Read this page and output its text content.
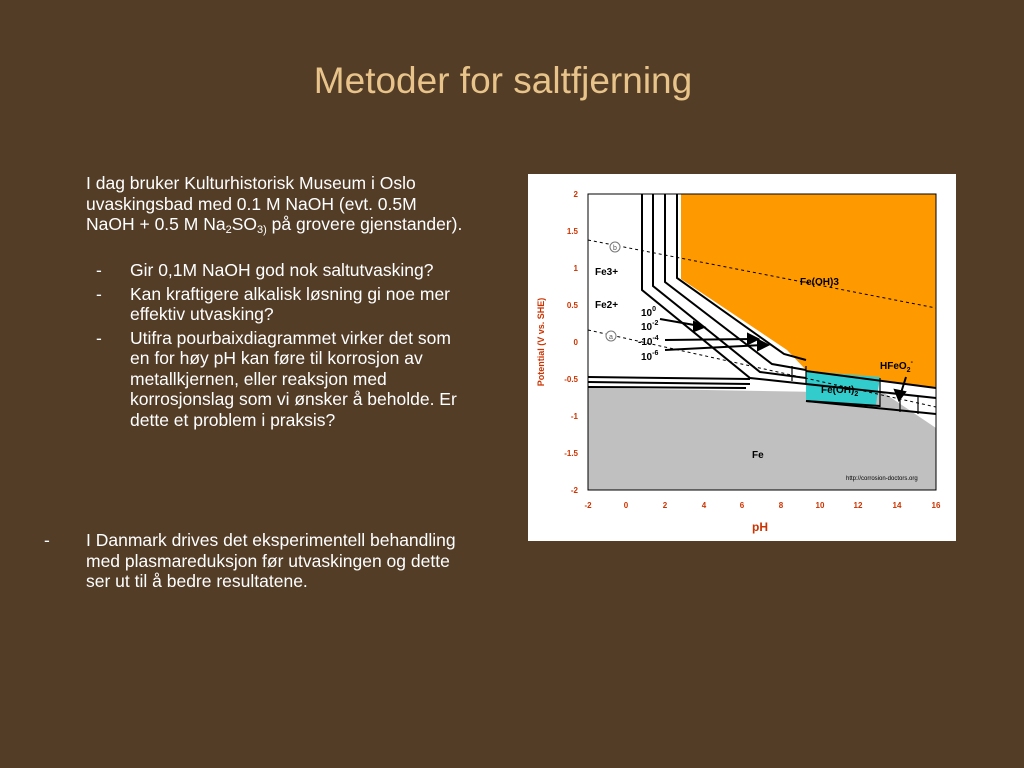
Metoder for saltfjerning
I dag bruker Kulturhistorisk Museum i Oslo uvaskingsbad med 0.1 M NaOH (evt. 0.5M NaOH + 0.5 M $Na_2SO_{3)}$ på grovere gjenstander).
- Gir 0,1M NaOH god nok saltutvasking?
- Kan kraftigere alkalisk løsning gi noe mer effektiv utvasking?
- Utifra pourbaixdiagrammet virker det som en for høy pH kan føre til korrosjon av metallkjernen, eller reaksjon med korrosjonslag som vi ønsker å beholde. Er dette et problem i praksis?
- I Danmark drives det eksperimentell behandling med plasmareduksjon før utvaskingen og dette ser ut til å bedre resultatene.
b
a
Fe(OH)3
Fe
Fe3+
Fe2+
HFeO$_2$-
$Fe(OH)_2$
$10^0$
$10^{-2}$
$-10^{-4}$
$10^{-6}$
http://corrosion-doctors.org
2
1.5
1
0.5
0
-0.5
-1
-1.5
-2
-2	0	2	4	6	8	10	12	14	16
pH
Potential (V vs. SHE)
